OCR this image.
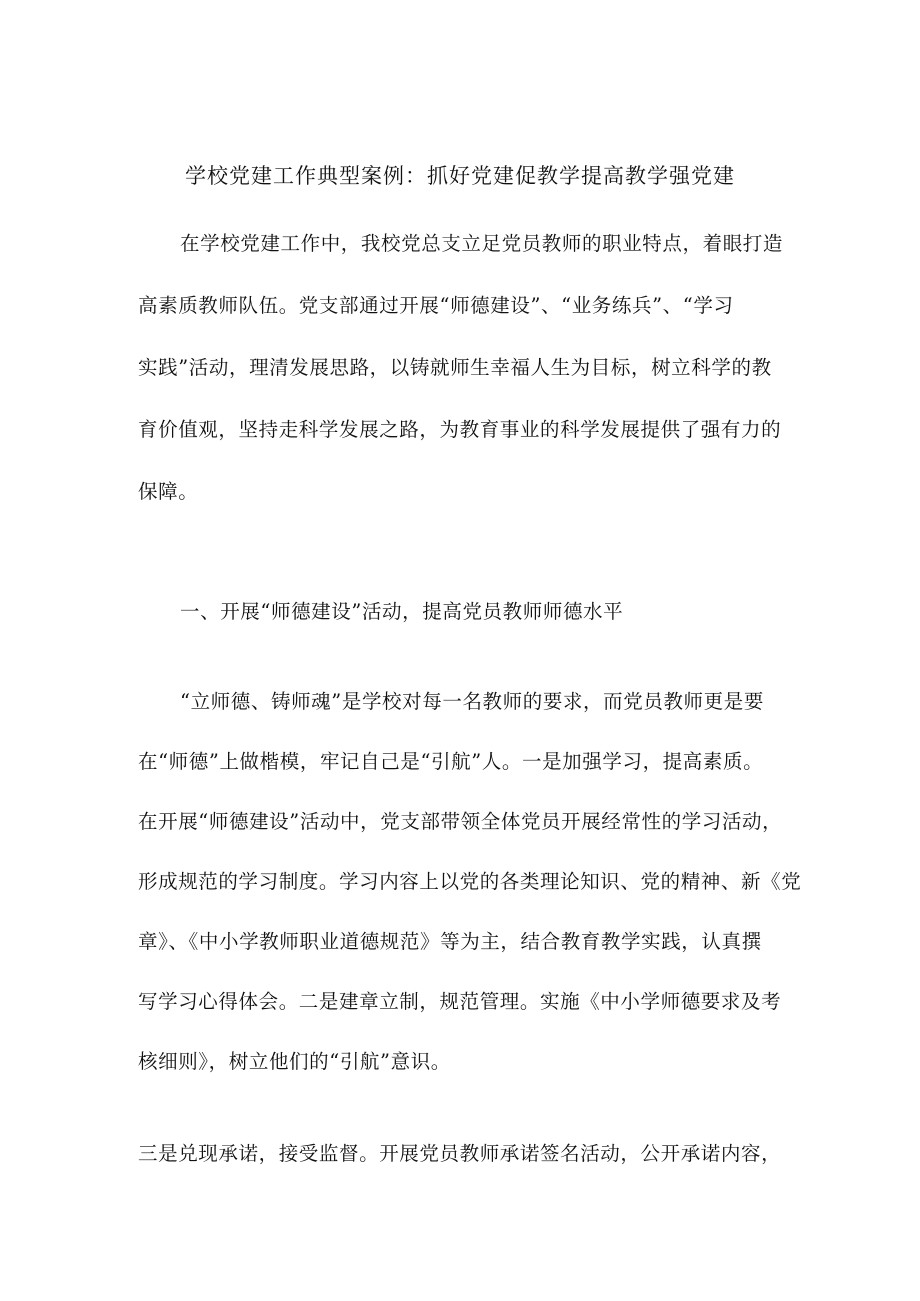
学校党建工作典型案例：抓好党建促教学提高教学强党建
在学校党建工作中，我校党总支立足党员教师的职业特点，着眼打造
高素质教师队伍。党支部通过开展“师德建设”、“业务练兵”、“学习
实践”活动，理清发展思路，以铸就师生幸福人生为目标，树立科学的教
育价值观，坚持走科学发展之路，为教育事业的科学发展提供了强有力的
保障。
一、开展“师德建设”活动，提高党员教师师德水平
“立师德、铸师魂”是学校对每一名教师的要求，而党员教师更是要
在“师德”上做楷模，牢记自己是“引航”人。一是加强学习，提高素质。
在开展“师德建设”活动中，党支部带领全体党员开展经常性的学习活动，
形成规范的学习制度。学习内容上以党的各类理论知识、党的精神、新《党
章》、《中小学教师职业道德规范》等为主，结合教育教学实践，认真撰
写学习心得体会。二是建章立制，规范管理。实施《中小学师德要求及考
核细则》，树立他们的“引航”意识。
三是兑现承诺，接受监督。开展党员教师承诺签名活动，公开承诺内容，
